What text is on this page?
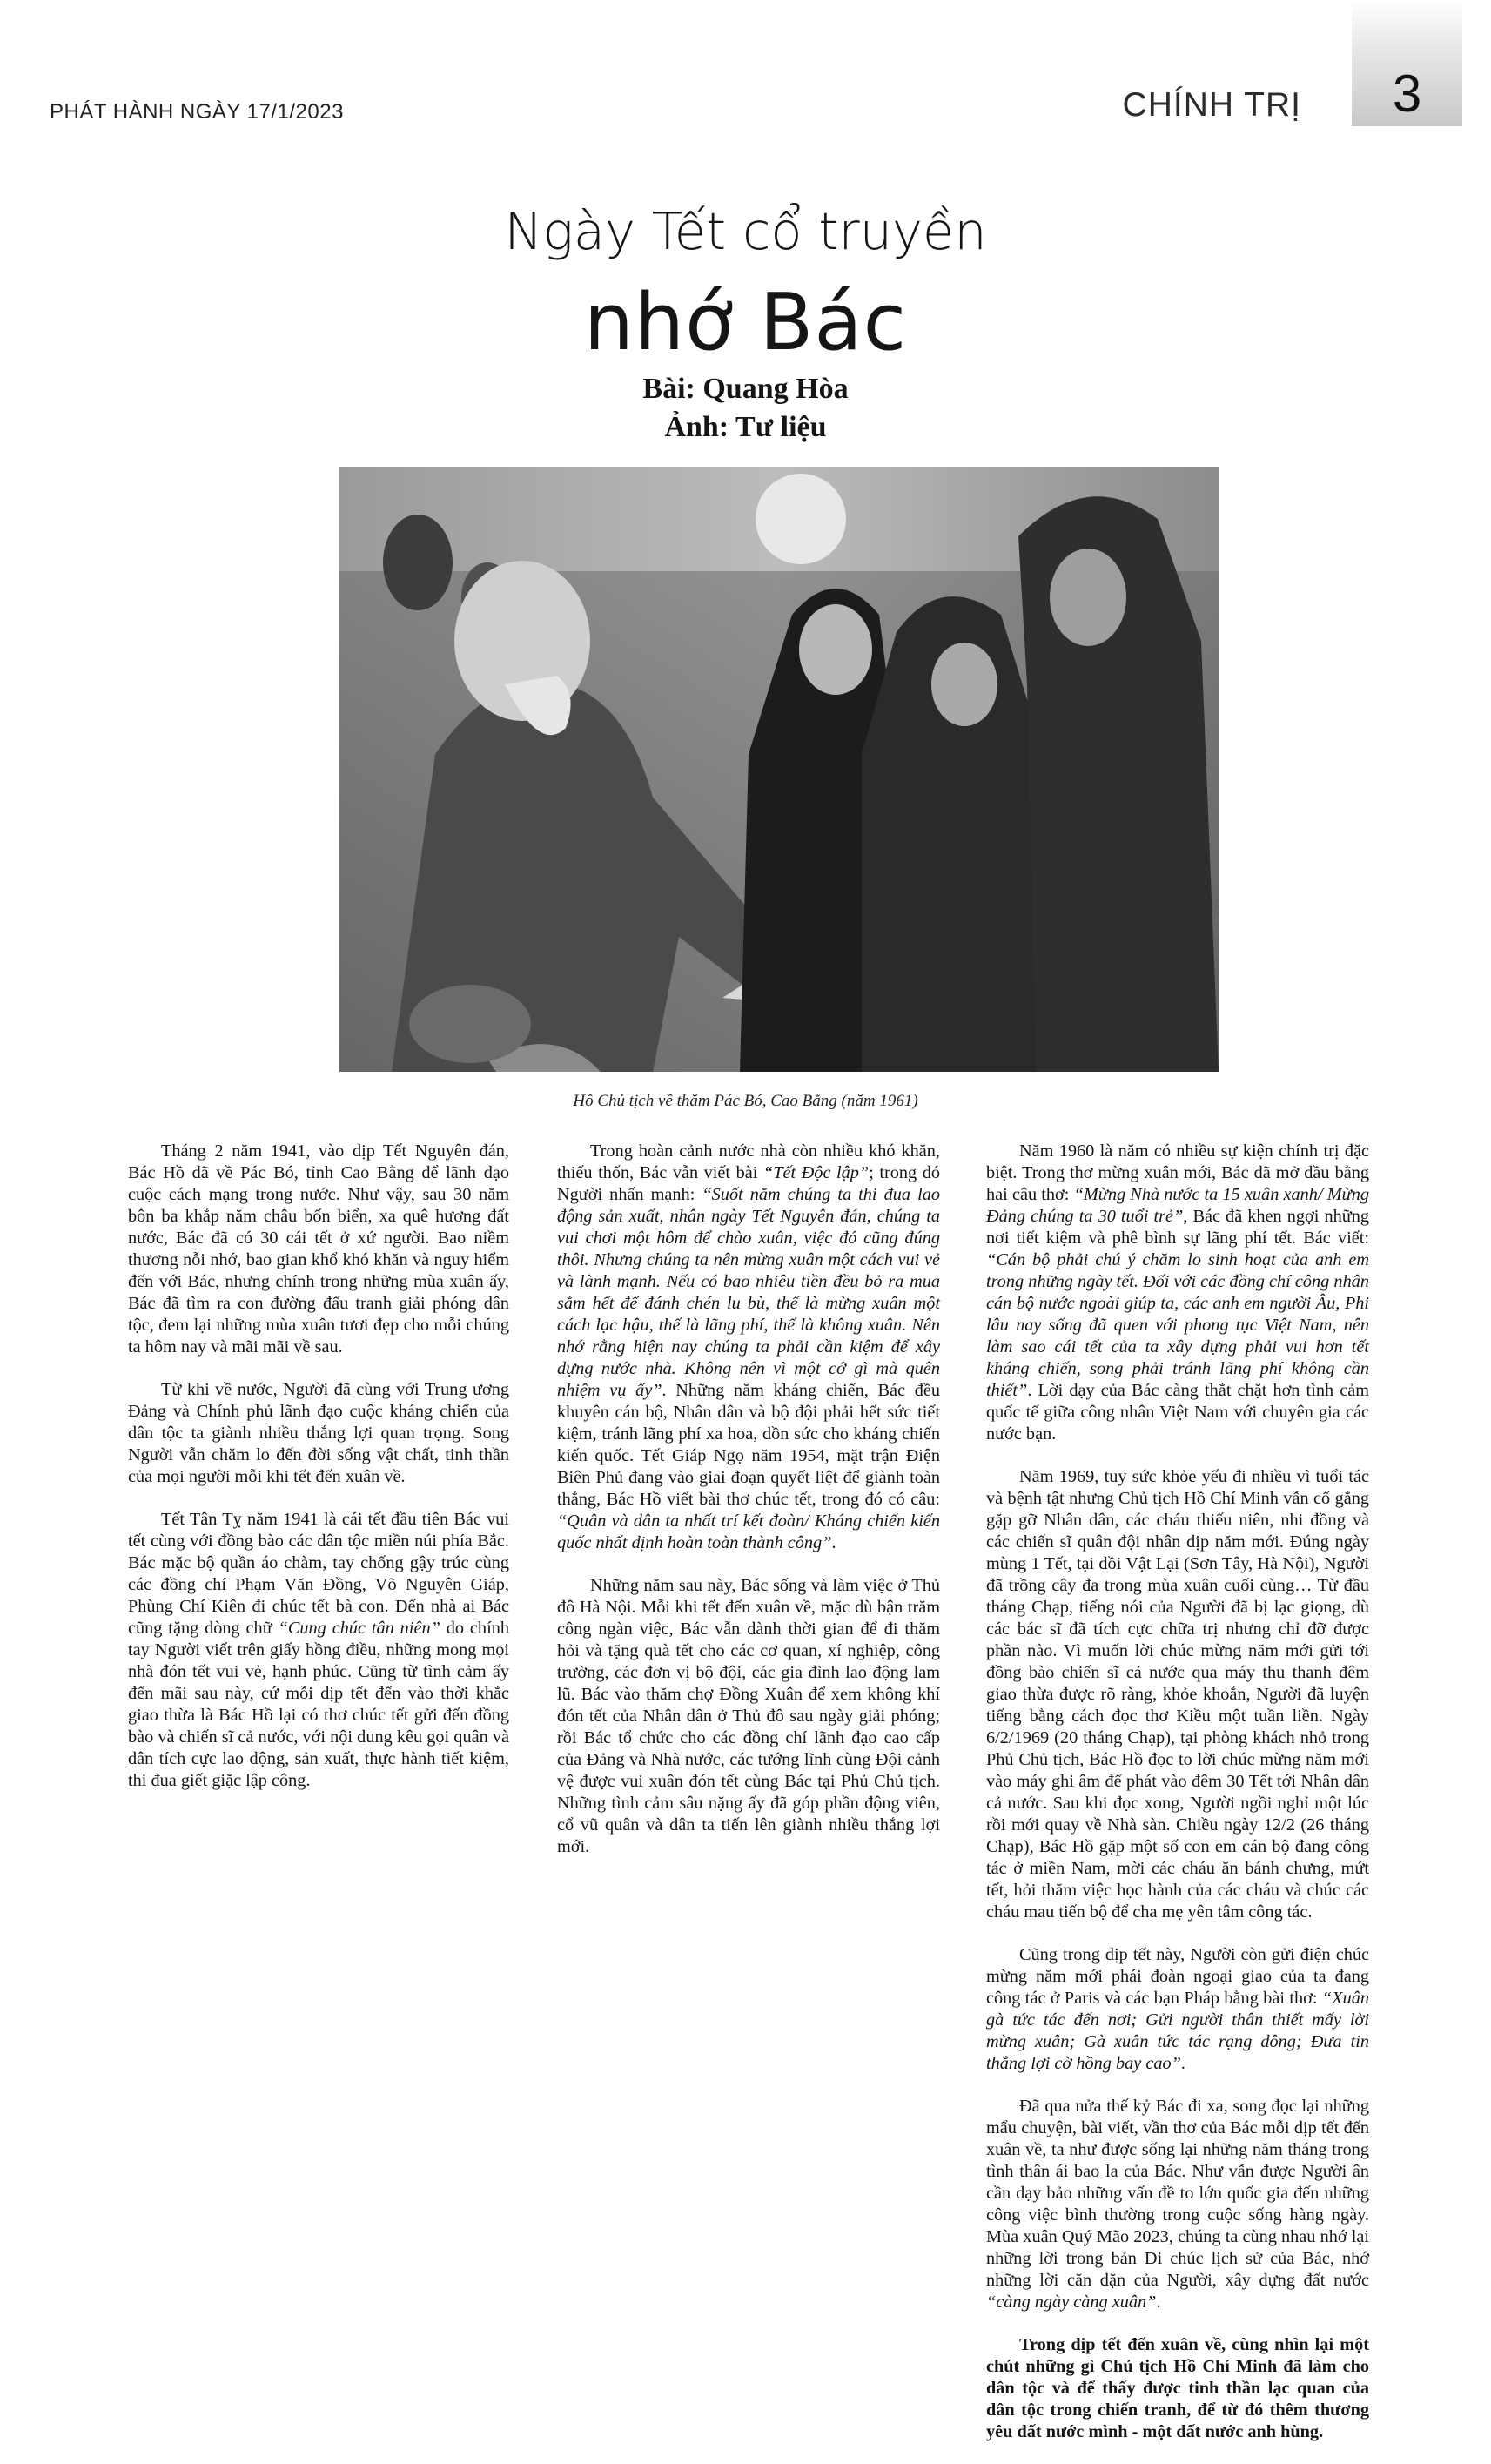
PHÁT HÀNH NGÀY 17/1/2023	CHÍNH TRỊ	3
Ngày Tết cổ truyền
nhớ Bác
Bài: Quang Hòa
Ảnh: Tư liệu
Hồ Chủ tịch về thăm Pác Bó, Cao Bằng (năm 1961)

Tháng 2 năm 1941, vào dịp Tết Nguyên đán, Bác Hồ đã về Pác Bó, tỉnh Cao Bằng để lãnh đạo cuộc cách mạng trong nước. Như vậy, sau 30 năm bôn ba khắp năm châu bốn biển, xa quê hương đất nước, Bác đã có 30 cái tết ở xứ người. Bao niềm thương nỗi nhớ, bao gian khổ khó khăn và nguy hiểm đến với Bác, nhưng chính trong những mùa xuân ấy, Bác đã tìm ra con đường đấu tranh giải phóng dân tộc, đem lại những mùa xuân tươi đẹp cho mỗi chúng ta hôm nay và mãi mãi về sau.

Từ khi về nước, Người đã cùng với Trung ương Đảng và Chính phủ lãnh đạo cuộc kháng chiến của dân tộc ta giành nhiều thắng lợi quan trọng. Song Người vẫn chăm lo đến đời sống vật chất, tinh thần của mọi người mỗi khi tết đến xuân về.

Tết Tân Tỵ năm 1941 là cái tết đầu tiên Bác vui tết cùng với đồng bào các dân tộc miền núi phía Bắc. Bác mặc bộ quần áo chàm, tay chống gậy trúc cùng các đồng chí Phạm Văn Đồng, Võ Nguyên Giáp, Phùng Chí Kiên đi chúc tết bà con. Đến nhà ai Bác cũng tặng dòng chữ “Cung chúc tân niên” do chính tay Người viết trên giấy hồng điều, những mong mọi nhà đón tết vui vẻ, hạnh phúc. Cũng từ tình cảm ấy đến mãi sau này, cứ mỗi dịp tết đến vào thời khắc giao thừa là Bác Hồ lại có thơ chúc tết gửi đến đồng bào và chiến sĩ cả nước, với nội dung kêu gọi quân và dân tích cực lao động, sản xuất, thực hành tiết kiệm, thi đua giết giặc lập công.

Trong hoàn cảnh nước nhà còn nhiều khó khăn, thiếu thốn, Bác vẫn viết bài “Tết Độc lập”; trong đó Người nhấn mạnh: “Suốt năm chúng ta thi đua lao động sản xuất, nhân ngày Tết Nguyên đán, chúng ta vui chơi một hôm để chào xuân, việc đó cũng đúng thôi. Nhưng chúng ta nên mừng xuân một cách vui vẻ và lành mạnh. Nếu có bao nhiêu tiền đều bỏ ra mua sắm hết để đánh chén lu bù, thế là mừng xuân một cách lạc hậu, thế là lãng phí, thế là không xuân. Nên nhớ rằng hiện nay chúng ta phải cần kiệm để xây dựng nước nhà. Không nên vì một cớ gì mà quên nhiệm vụ ấy”. Những năm kháng chiến, Bác đều khuyên cán bộ, Nhân dân và bộ đội phải hết sức tiết kiệm, tránh lãng phí xa hoa, dồn sức cho kháng chiến kiến quốc. Tết Giáp Ngọ năm 1954, mặt trận Điện Biên Phủ đang vào giai đoạn quyết liệt để giành toàn thắng, Bác Hồ viết bài thơ chúc tết, trong đó có câu: “Quân và dân ta nhất trí kết đoàn/ Kháng chiến kiến quốc nhất định hoàn toàn thành công”.

Những năm sau này, Bác sống và làm việc ở Thủ đô Hà Nội. Mỗi khi tết đến xuân về, mặc dù bận trăm công ngàn việc, Bác vẫn dành thời gian để đi thăm hỏi và tặng quà tết cho các cơ quan, xí nghiệp, công trường, các đơn vị bộ đội, các gia đình lao động lam lũ. Bác vào thăm chợ Đồng Xuân để xem không khí đón tết của Nhân dân ở Thủ đô sau ngày giải phóng; rồi Bác tổ chức cho các đồng chí lãnh đạo cao cấp của Đảng và Nhà nước, các tướng lĩnh cùng Đội cảnh vệ được vui xuân đón tết cùng Bác tại Phủ Chủ tịch. Những tình cảm sâu nặng ấy đã góp phần động viên, cổ vũ quân và dân ta tiến lên giành nhiều thắng lợi mới.

Năm 1960 là năm có nhiều sự kiện chính trị đặc biệt. Trong thơ mừng xuân mới, Bác đã mở đầu bằng hai câu thơ: “Mừng Nhà nước ta 15 xuân xanh/ Mừng Đảng chúng ta 30 tuổi trẻ”, Bác đã khen ngợi những nơi tiết kiệm và phê bình sự lãng phí tết. Bác viết: “Cán bộ phải chú ý chăm lo sinh hoạt của anh em trong những ngày tết. Đối với các đồng chí công nhân cán bộ nước ngoài giúp ta, các anh em người Âu, Phi lâu nay sống đã quen với phong tục Việt Nam, nên làm sao cái tết của ta xây dựng phải vui hơn tết kháng chiến, song phải tránh lãng phí không cần thiết”. Lời dạy của Bác càng thắt chặt hơn tình cảm quốc tế giữa công nhân Việt Nam với chuyên gia các nước bạn.

Năm 1969, tuy sức khỏe yếu đi nhiều vì tuổi tác và bệnh tật nhưng Chủ tịch Hồ Chí Minh vẫn cố gắng gặp gỡ Nhân dân, các cháu thiếu niên, nhi đồng và các chiến sĩ quân đội nhân dịp năm mới. Đúng ngày mùng 1 Tết, tại đồi Vật Lại (Sơn Tây, Hà Nội), Người đã trồng cây đa trong mùa xuân cuối cùng… Từ đầu tháng Chạp, tiếng nói của Người đã bị lạc giọng, dù các bác sĩ đã tích cực chữa trị nhưng chỉ đỡ được phần nào. Vì muốn lời chúc mừng năm mới gửi tới đồng bào chiến sĩ cả nước qua máy thu thanh đêm giao thừa được rõ ràng, khỏe khoắn, Người đã luyện tiếng bằng cách đọc thơ Kiều một tuần liền. Ngày 6/2/1969 (20 tháng Chạp), tại phòng khách nhỏ trong Phủ Chủ tịch, Bác Hồ đọc to lời chúc mừng năm mới vào máy ghi âm để phát vào đêm 30 Tết tới Nhân dân cả nước. Sau khi đọc xong, Người ngồi nghỉ một lúc rồi mới quay về Nhà sàn. Chiều ngày 12/2 (26 tháng Chạp), Bác Hồ gặp một số con em cán bộ đang công tác ở miền Nam, mời các cháu ăn bánh chưng, mứt tết, hỏi thăm việc học hành của các cháu và chúc các cháu mau tiến bộ để cha mẹ yên tâm công tác.

Cũng trong dịp tết này, Người còn gửi điện chúc mừng năm mới phái đoàn ngoại giao của ta đang công tác ở Paris và các bạn Pháp bằng bài thơ: “Xuân gà tức tác đến nơi; Gửi người thân thiết mấy lời mừng xuân; Gà xuân tức tác rạng đông; Đưa tin thắng lợi cờ hồng bay cao”.

Đã qua nửa thế kỷ Bác đi xa, song đọc lại những mẩu chuyện, bài viết, vần thơ của Bác mỗi dịp tết đến xuân về, ta như được sống lại những năm tháng trong tình thân ái bao la của Bác. Như vẫn được Người ân cần dạy bảo những vấn đề to lớn quốc gia đến những công việc bình thường trong cuộc sống hàng ngày. Mùa xuân Quý Mão 2023, chúng ta cùng nhau nhớ lại những lời trong bản Di chúc lịch sử của Bác, nhớ những lời căn dặn của Người, xây dựng đất nước “càng ngày càng xuân”.

Trong dịp tết đến xuân về, cùng nhìn lại một chút những gì Chủ tịch Hồ Chí Minh đã làm cho dân tộc và để thấy được tinh thần lạc quan của dân tộc trong chiến tranh, để từ đó thêm thương yêu đất nước mình - một đất nước anh hùng.
